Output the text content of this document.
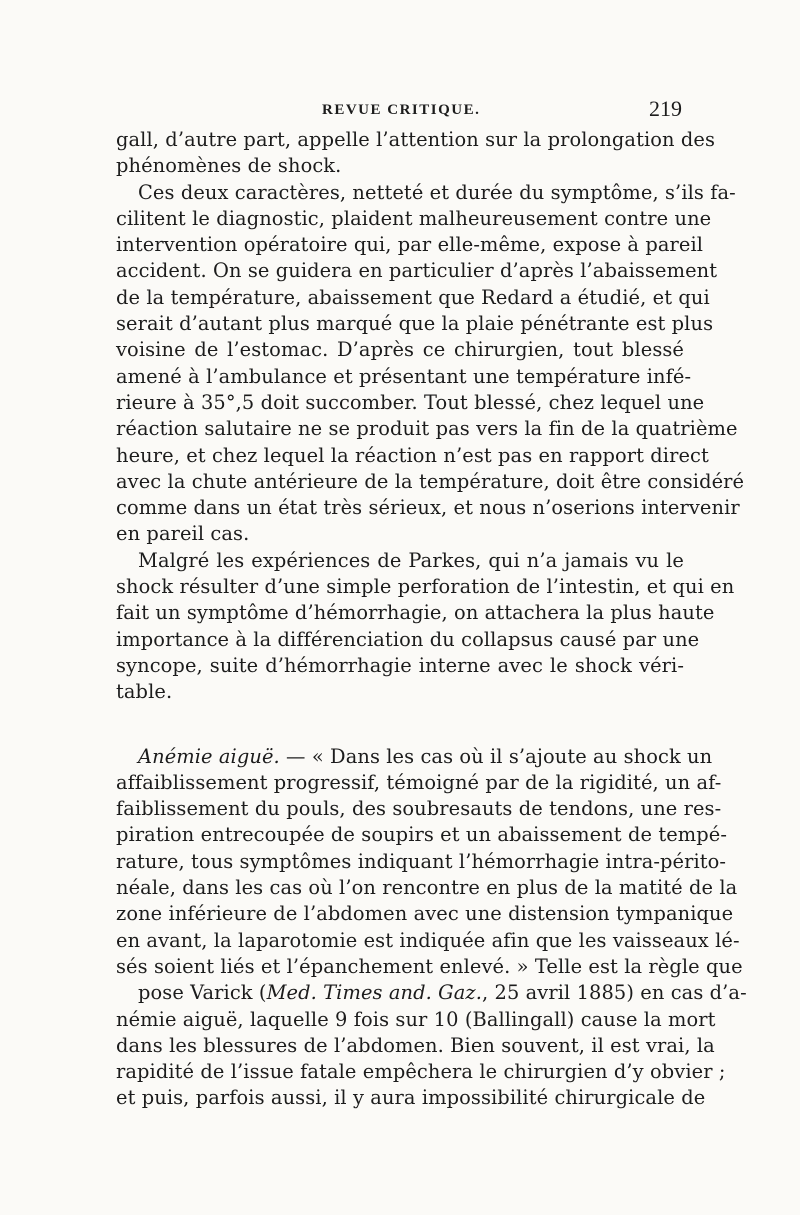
REVUE CRITIQUE.	219
gall, d’autre part, appelle l’attention sur la prolongation des
phénomènes de shock.
Ces deux caractères, netteté et durée du symptôme, s’ils fa-
cilitent le diagnostic, plaident malheureusement contre une
intervention opératoire qui, par elle-même, expose à pareil
accident. On se guidera en particulier d’après l’abaissement
de la température, abaissement que Redard a étudié, et qui
serait d’autant plus marqué que la plaie pénétrante est plus
voisine de l’estomac. D’après ce chirurgien, tout blessé
amené à l’ambulance et présentant une température infé-
rieure à 35°,5 doit succomber. Tout blessé, chez lequel une
réaction salutaire ne se produit pas vers la fin de la quatrième
heure, et chez lequel la réaction n’est pas en rapport direct
avec la chute antérieure de la température, doit être considéré
comme dans un état très sérieux, et nous n’oserions intervenir
en pareil cas.
Malgré les expériences de Parkes, qui n’a jamais vu le
shock résulter d’une simple perforation de l’intestin, et qui en
fait un symptôme d’hémorrhagie, on attachera la plus haute
importance à la différenciation du collapsus causé par une
syncope, suite d’hémorrhagie interne avec le shock véri-
table.
Anémie aiguë. — « Dans les cas où il s’ajoute au shock un
affaiblissement progressif, témoigné par de la rigidité, un af-
faiblissement du pouls, des soubresauts de tendons, une res-
piration entrecoupée de soupirs et un abaissement de tempé-
rature, tous symptômes indiquant l’hémorrhagie intra-périto-
néale, dans les cas où l’on rencontre en plus de la matité de la
zone inférieure de l’abdomen avec une distension tympanique
en avant, la laparotomie est indiquée afin que les vaisseaux lé-
sés soient liés et l’épanchement enlevé. » Telle est la règle que
pose Varick (Med. Times and. Gaz., 25 avril 1885) en cas d’a-
némie aiguë, laquelle 9 fois sur 10 (Ballingall) cause la mort
dans les blessures de l’abdomen. Bien souvent, il est vrai, la
rapidité de l’issue fatale empêchera le chirurgien d’y obvier ;
et puis, parfois aussi, il y aura impossibilité chirurgicale de
